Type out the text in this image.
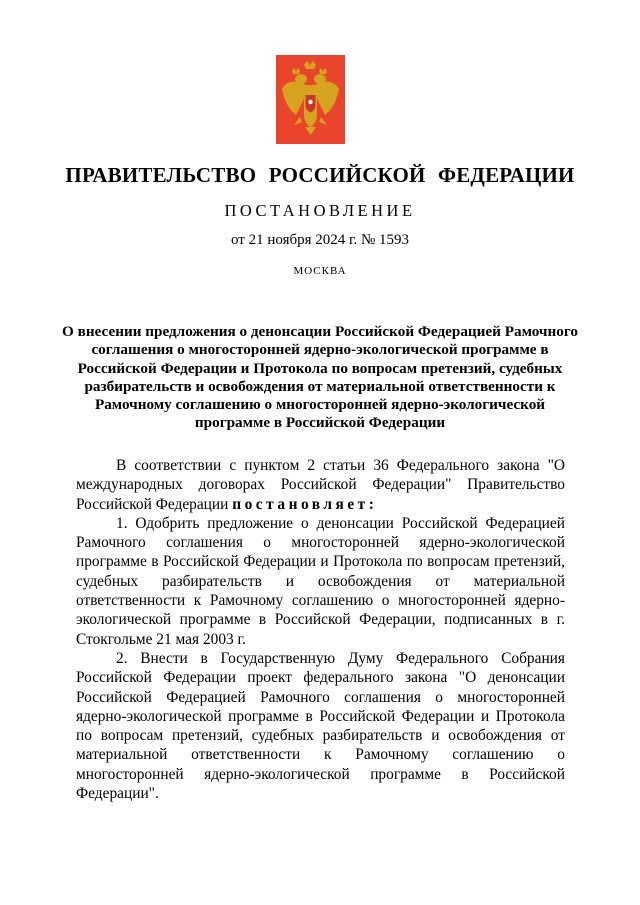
ПРАВИТЕЛЬСТВО РОССИЙСКОЙ ФЕДЕРАЦИИ
ПОСТАНОВЛЕНИЕ
от 21 ноября 2024 г. № 1593
МОСКВА
О внесении предложения о денонсации Российской Федерацией Рамочного соглашения о многосторонней ядерно-экологической программе в Российской Федерации и Протокола по вопросам претензий, судебных разбирательств и освобождения от материальной ответственности к Рамочному соглашению о многосторонней ядерно-экологической программе в Российской Федерации

В соответствии с пунктом 2 статьи 36 Федерального закона "О международных договорах Российской Федерации" Правительство Российской Федерации постановляет:

1. Одобрить предложение о денонсации Российской Федерацией Рамочного соглашения о многосторонней ядерно-экологической программе в Российской Федерации и Протокола по вопросам претензий, судебных разбирательств и освобождения от материальной ответственности к Рамочному соглашению о многосторонней ядерно-экологической программе в Российской Федерации, подписанных в г. Стокгольме 21 мая 2003 г.

2. Внести в Государственную Думу Федерального Собрания Российской Федерации проект федерального закона "О денонсации Российской Федерацией Рамочного соглашения о многосторонней ядерно-экологической программе в Российской Федерации и Протокола по вопросам претензий, судебных разбирательств и освобождения от материальной ответственности к Рамочному соглашению о многосторонней ядерно-экологической программе в Российской Федерации".
